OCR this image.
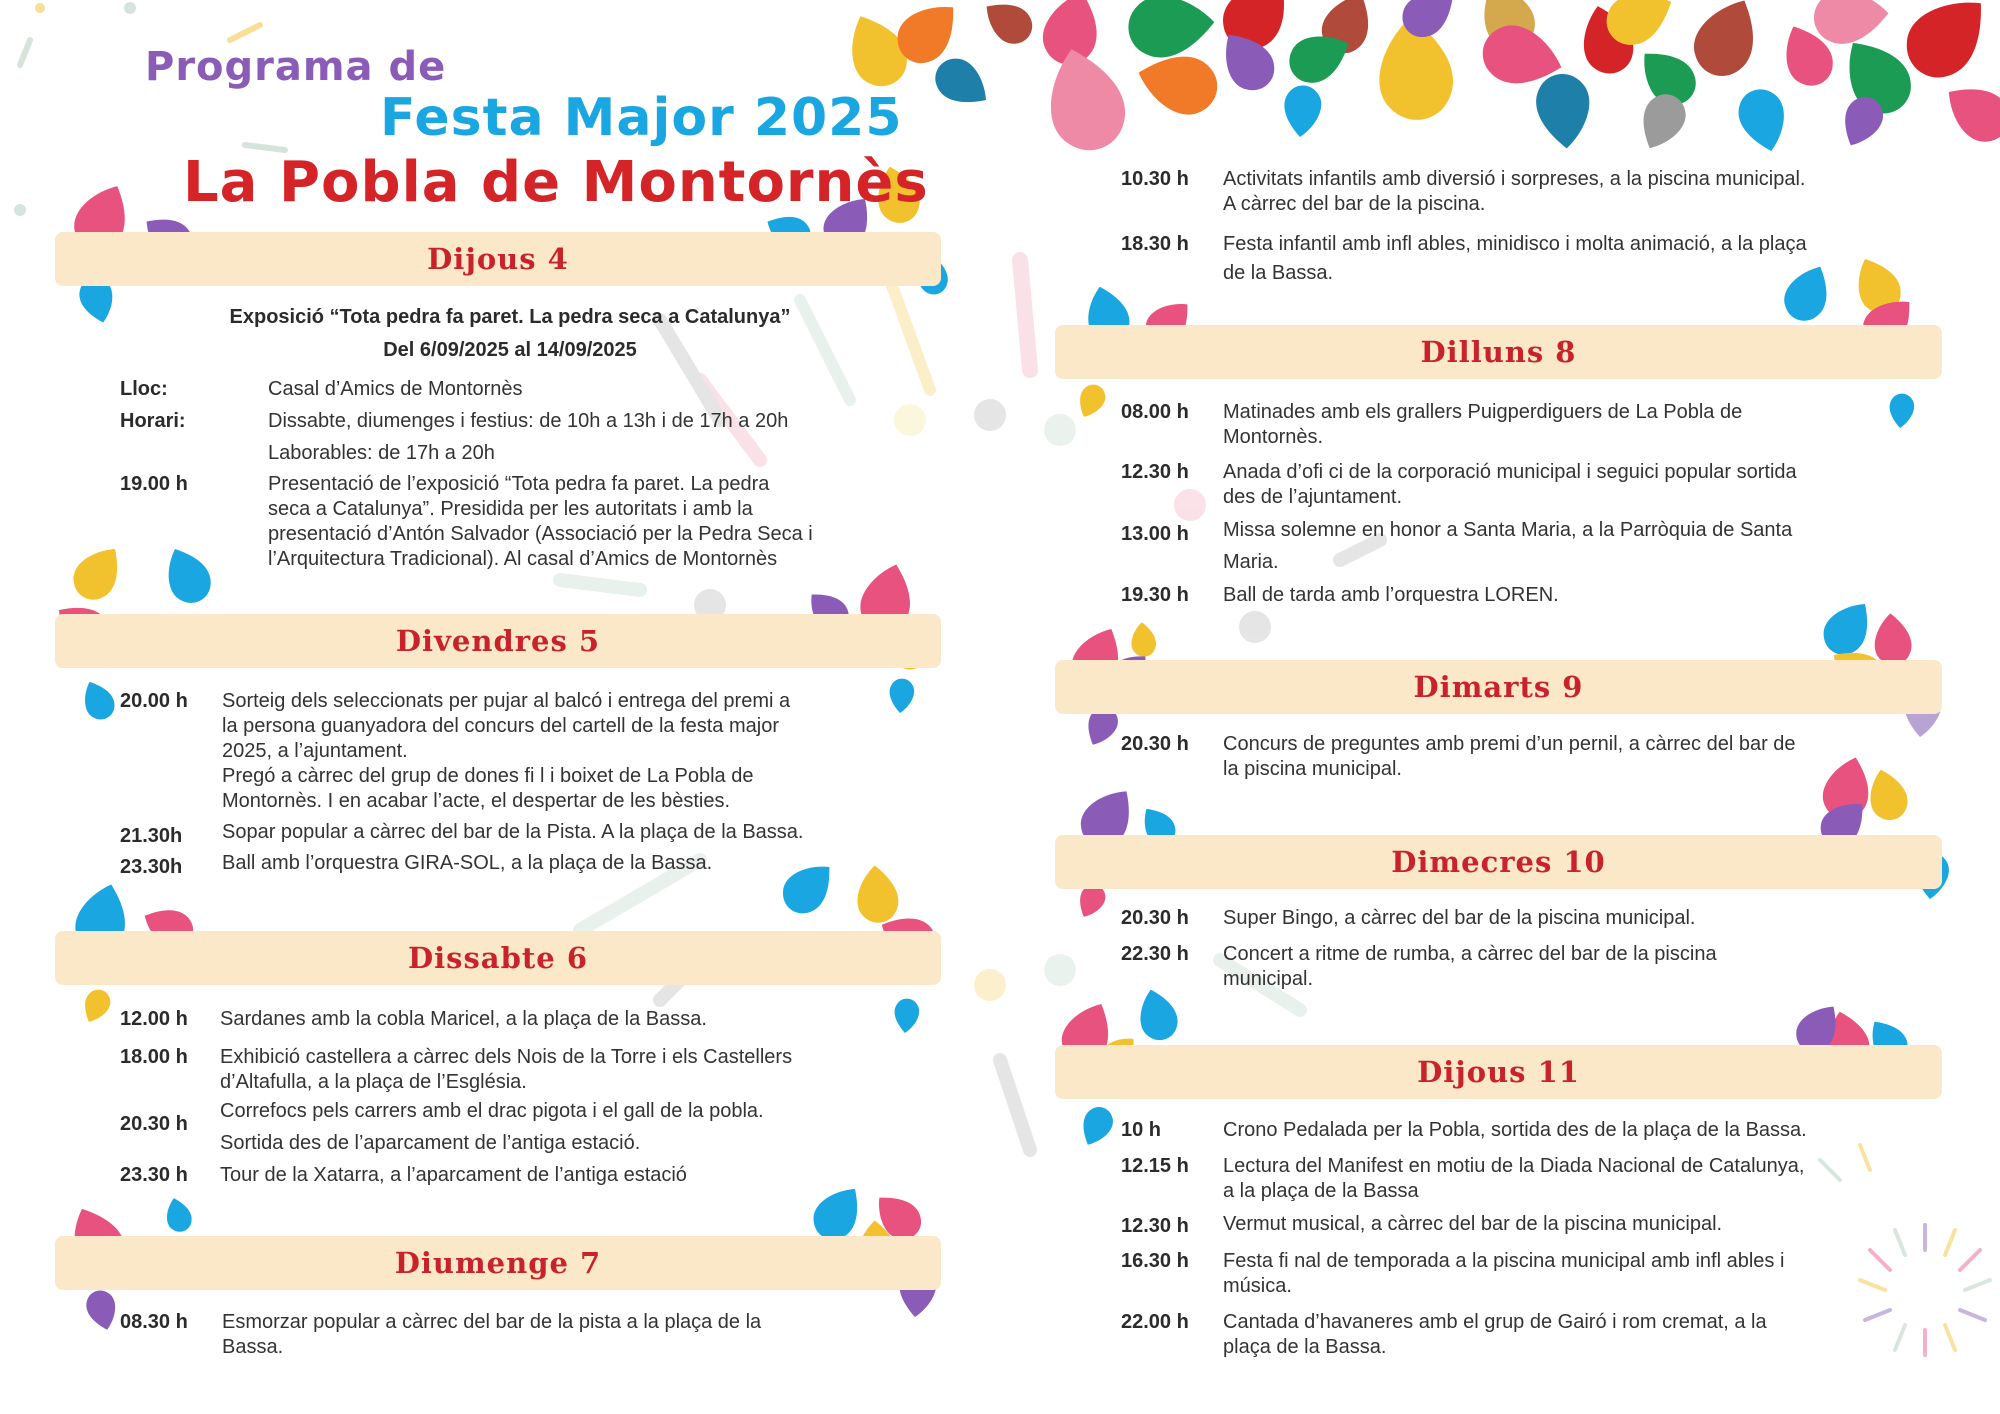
Programa de
Festa Major 2025
La Pobla de Montornès
Dijous 4
Exposició “Tota pedra fa paret. La pedra seca a Catalunya”
Del 6/09/2025 al 14/09/2025
Lloc:	Casal d’Amics de Montornès
Horari:	Dissabte, diumenges i festius: de 10h a 13h i de 17h a 20h
Laborables: de 17h a 20h
19.00 h	Presentació de l’exposició “Tota pedra fa paret. La pedra
seca a Catalunya”. Presidida per les autoritats i amb la
presentació d’Antón Salvador (Associació per la Pedra Seca i
l’Arquitectura Tradicional). Al casal d’Amics de Montornès
Divendres 5
20.00 h Sorteig dels seleccionats per pujar al balcó i entrega del premi a
la persona guanyadora del concurs del cartell de la festa major
2025, a l’ajuntament.
Pregó a càrrec del grup de dones fi l i boixet de La Pobla de
Montornès. I en acabar l’acte, el despertar de les bèsties.
21.30h Sopar popular a càrrec del bar de la Pista. A la plaça de la Bassa.
23.30h Ball amb l’orquestra GIRA-SOL, a la plaça de la Bassa.
Dissabte 6
12.00 h Sardanes amb la cobla Maricel, a la plaça de la Bassa.
18.00 h Exhibició castellera a càrrec dels Nois de la Torre i els Castellers
d’Altafulla, a la plaça de l’Església.
20.30 h
Correfocs pels carrers amb el drac pigota i el gall de la pobla.
Sortida des de l’aparcament de l’antiga estació.
23.30 h Tour de la Xatarra, a l’aparcament de l’antiga estació
Diumenge 7
08.30 h Esmorzar popular a càrrec del bar de la pista a la plaça de la
Bassa.
10.30 h Activitats infantils amb diversió i sorpreses, a la piscina municipal.
A càrrec del bar de la piscina.
18.30 h Festa infantil amb infl ables, minidisco i molta animació, a la plaça
de la Bassa.
Dilluns 8
08.00 h Matinades amb els grallers Puigperdiguers de La Pobla de
Montornès.
12.30 h Anada d’ofi ci de la corporació municipal i seguici popular sortida
des de l’ajuntament.
13.00 h Missa solemne en honor a Santa Maria, a la Parròquia de Santa
Maria.
19.30 h Ball de tarda amb l’orquestra LOREN.
Dimarts 9
20.30 h Concurs de preguntes amb premi d’un pernil, a càrrec del bar de
la piscina municipal.
Dimecres 10
20.30 h Super Bingo, a càrrec del bar de la piscina municipal.
22.30 h Concert a ritme de rumba, a càrrec del bar de la piscina
municipal.
Dijous 11
10 h	Crono Pedalada per la Pobla, sortida des de la plaça de la Bassa.
12.15 h Lectura del Manifest en motiu de la Diada Nacional de Catalunya,
a la plaça de la Bassa
12.30 h Vermut musical, a càrrec del bar de la piscina municipal.
16.30 h Festa fi nal de temporada a la piscina municipal amb infl ables i
música.
22.00 h Cantada d’havaneres amb el grup de Gairó i rom cremat, a la
plaça de la Bassa.
